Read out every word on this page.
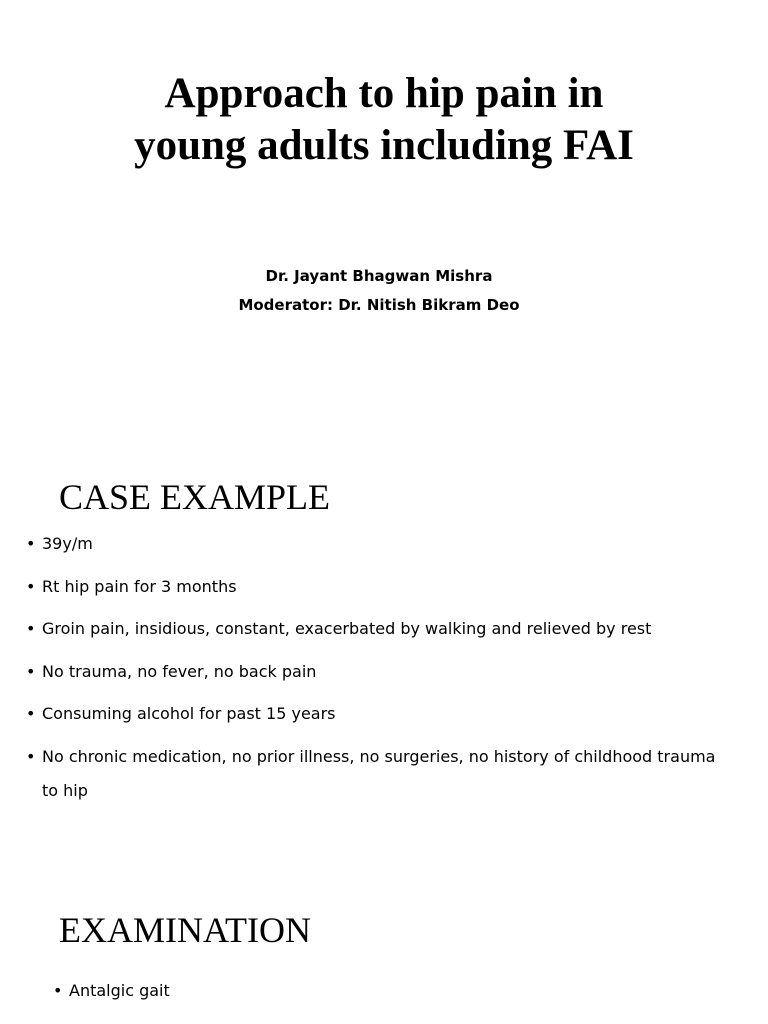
Approach to hip pain in
young adults including FAI
Dr. Jayant Bhagwan Mishra
Moderator: Dr. Nitish Bikram Deo
CASE EXAMPLE
• 39y/m
• Rt hip pain for 3 months
• Groin pain, insidious, constant, exacerbated by walking and relieved by rest
• No trauma, no fever, no back pain
• Consuming alcohol for past 15 years
• No chronic medication, no prior illness, no surgeries, no history of childhood trauma to hip
EXAMINATION
• Antalgic gait
